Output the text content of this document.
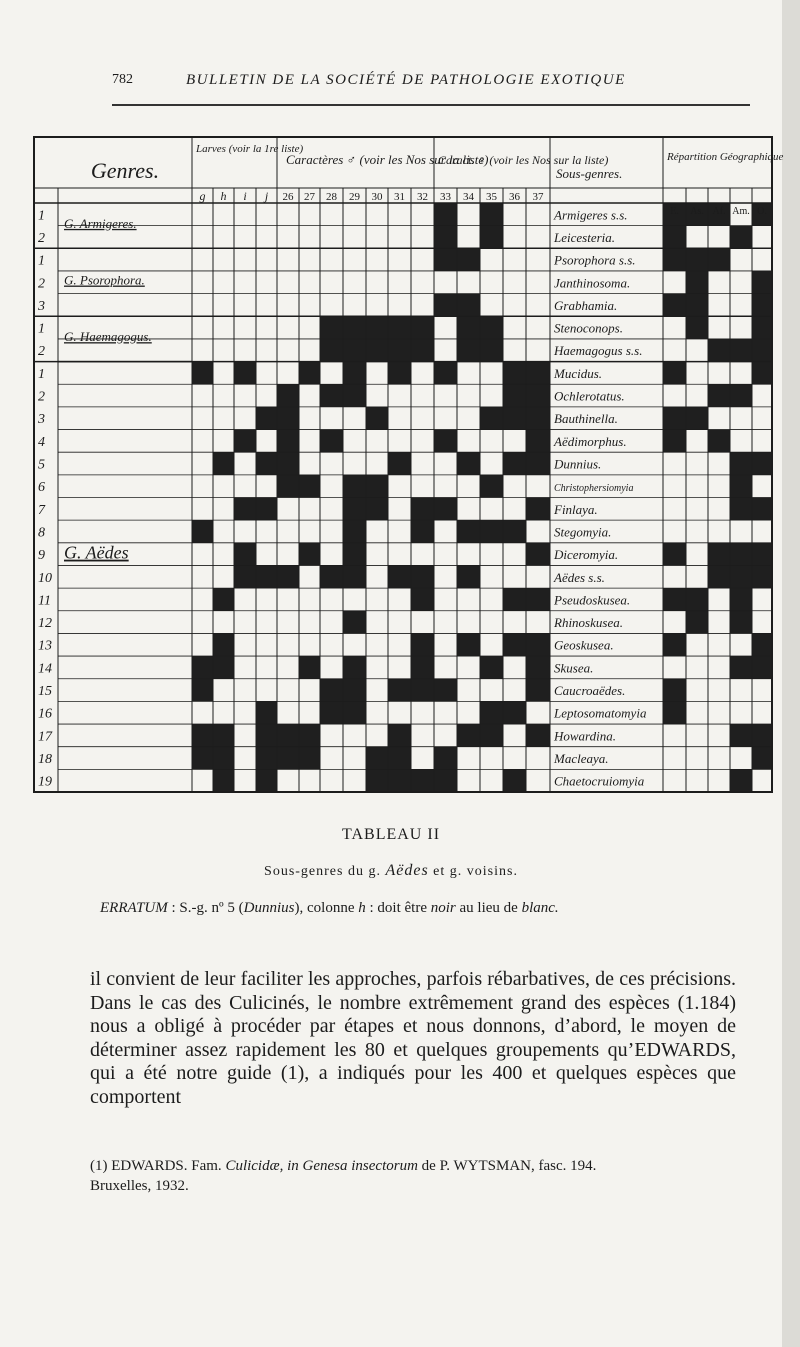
782	BULLETIN DE LA SOCIÉTÉ DE PATHOLOGIE EXOTIQUE
Genres.
Larves (voir la 1re liste)
Caractères ♂ (voir les Nos sur la liste)
Caract. ♀ (voir les Nos sur la liste)
Sous-genres.
Répartition Géographique
g h i j 26 27 28 29 30 31 32 33 34 35 36 37
E. As. Af. Am. O.
1
2
1
2
3
1
2
1
2
3
4
5
6
7
8
9
10
11
12
13
14
15
16
17
18
19
Armigeres s.s.
Leicesteria.
Psorophora s.s.
Janthinosoma.
Grabhamia.
Stenoconops.
Haemagogus s.s.
Mucidus.
Ochlerotatus.
Bauthinella.
Aëdimorphus.
Dunnius.
Christophersiomyia
Finlaya.
Stegomyia.
Diceromyia.
Aëdes s.s.
Pseudoskusea.
Rhinoskusea.
Geoskusea.
Skusea.
Caucroaëdes.
Leptosomatomyia
Howardina.
Macleaya.
Chaetocruiomyia
G. Armigeres.
G. Psorophora.
G. Haemagogus.
G. Aëdes
TABLEAU II
Sous-genres du g. Aëdes et g. voisins.
ERRATUM : S.-g. nº 5 (Dunnius), colonne h : doit être noir au lieu de blanc.
il convient de leur faciliter les approches, parfois rébarbatives, de ces précisions. Dans le cas des Culicinés, le nombre extrêmement grand des espèces (1.184) nous a obligé à procéder par étapes et nous donnons, d’abord, le moyen de déterminer assez rapidement les 80 et quelques groupements qu’EDWARDS, qui a été notre guide (1), a indiqués pour les 400 et quelques espèces que comportent
(1) EDWARDS. Fam. Culicidæ, in Genesa insectorum de P. WYTSMAN, fasc. 194.
Bruxelles, 1932.
